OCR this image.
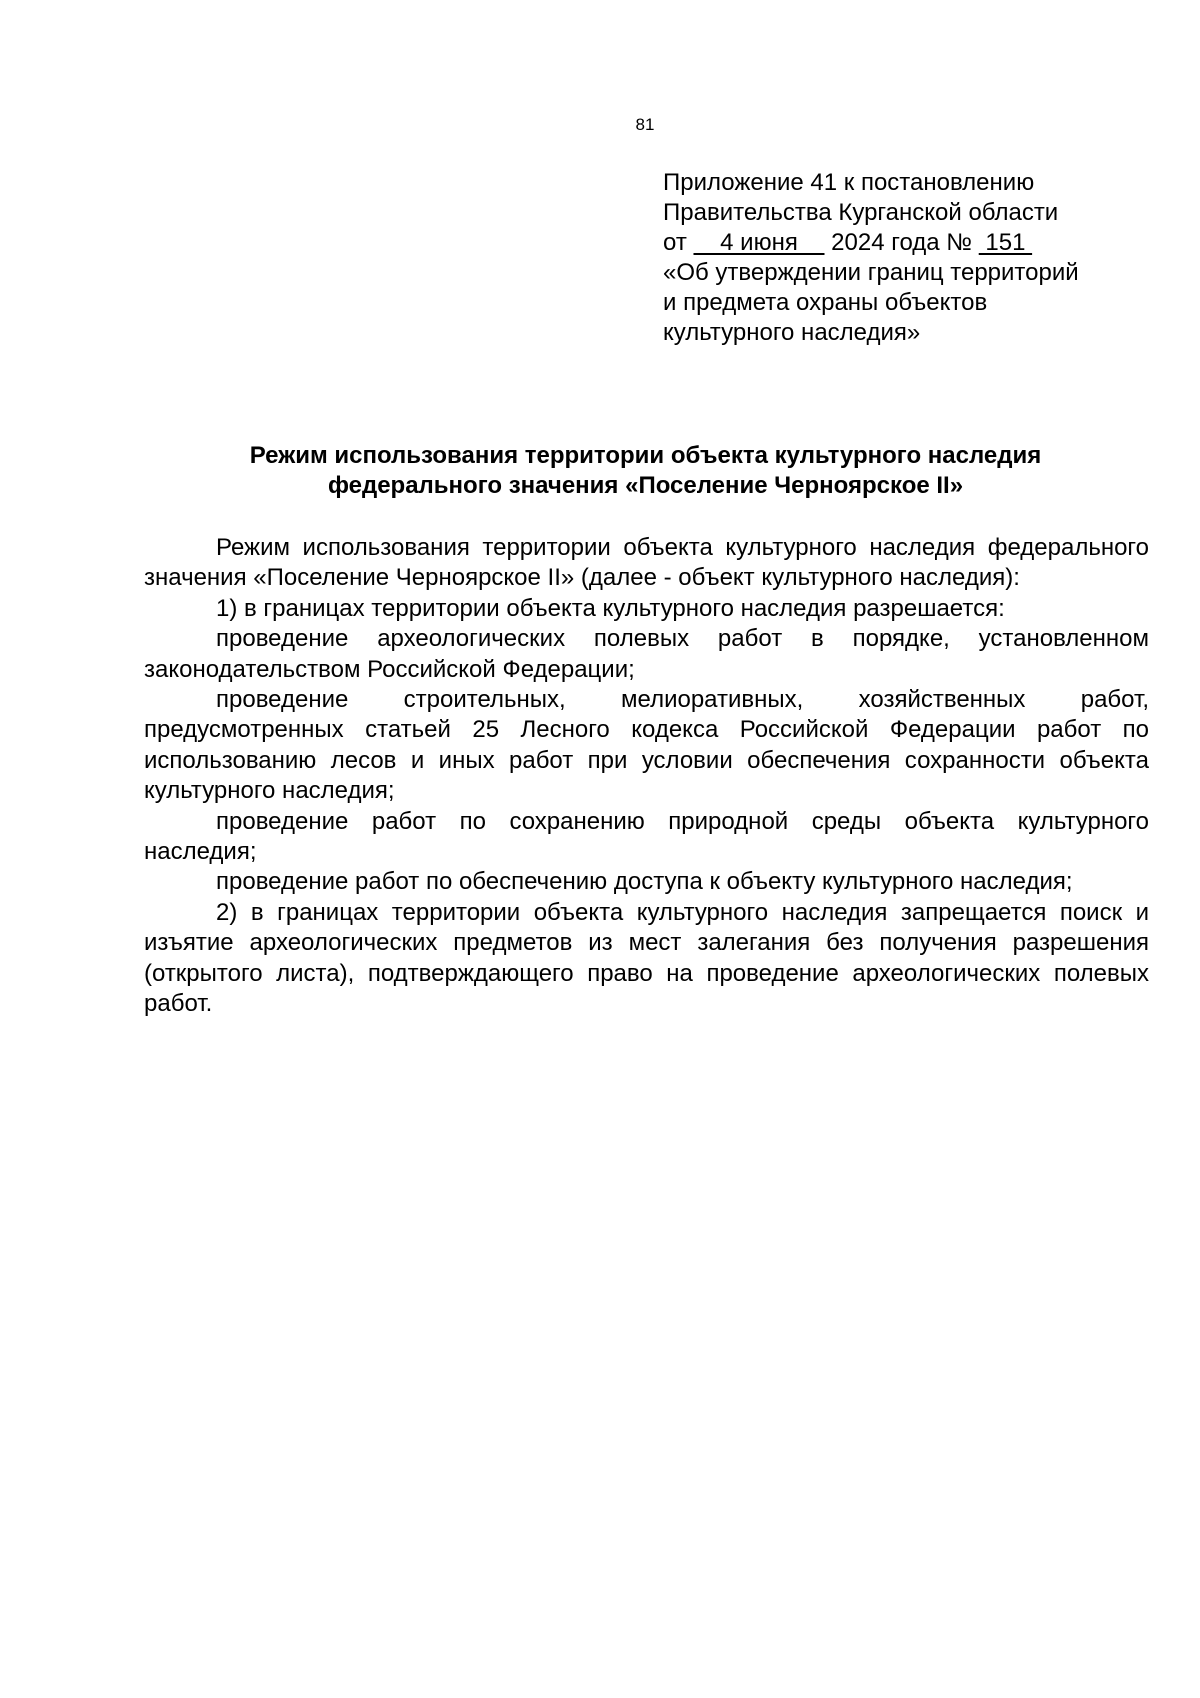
81
Приложение 41 к постановлению
Правительства Курганской области
от     4 июня     2024 года №  151
«Об утверждении границ территорий
и предмета охраны объектов
культурного наследия»
Режим использования территории объекта культурного наследия
федерального значения «Поселение Черноярское II»

Режим использования территории объекта культурного наследия федерального значения «Поселение Черноярское II» (далее - объект культурного наследия):

1) в границах территории объекта культурного наследия разрешается:

проведение археологических полевых работ в порядке, установленном законодательством Российской Федерации;

проведение строительных, мелиоративных, хозяйственных работ, предусмотренных статьей 25 Лесного кодекса Российской Федерации работ по использованию лесов и иных работ при условии обеспечения сохранности объекта культурного наследия;

проведение работ по сохранению природной среды объекта культурного наследия;

проведение работ по обеспечению доступа к объекту культурного наследия;

2) в границах территории объекта культурного наследия запрещается поиск и изъятие археологических предметов из мест залегания без получения разрешения (открытого листа), подтверждающего право на проведение археологических полевых работ.
